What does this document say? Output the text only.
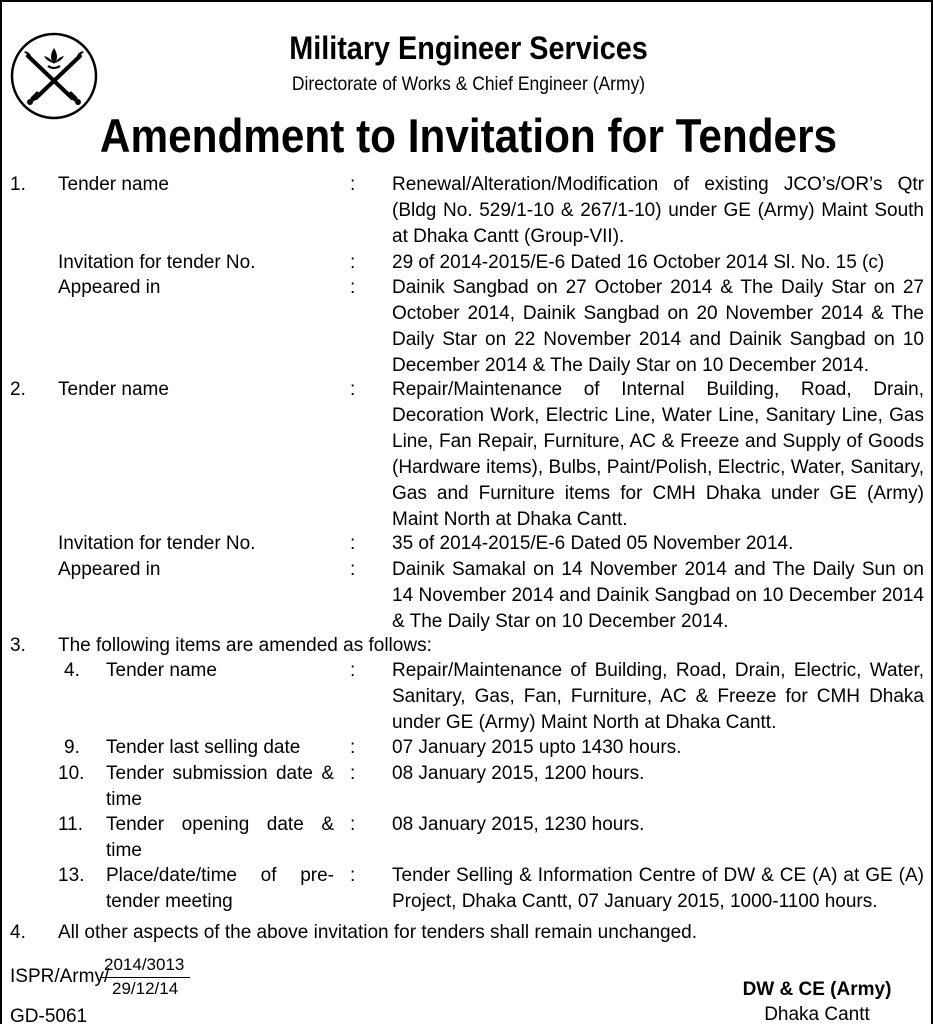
Military Engineer Services
Directorate of Works & Chief Engineer (Army)
Amendment to Invitation for Tenders
1.	Tender name	: Renewal/Alteration/Modification of existing JCO’s/OR’s Qtr (Bldg No. 529/1-10 & 267/1-10) under GE (Army) Maint South at Dhaka Cantt (Group-VII).
Invitation for tender No.	: 29 of 2014-2015/E-6 Dated 16 October 2014 Sl. No. 15 (c)
Appeared in	: Dainik Sangbad on 27 October 2014 & The Daily Star on 27 October 2014, Dainik Sangbad on 20 November 2014 & The Daily Star on 22 November 2014 and Dainik Sangbad on 10 December 2014 & The Daily Star on 10 December 2014.
2.	Tender name	: Repair/Maintenance of Internal Building, Road, Drain, Decoration Work, Electric Line, Water Line, Sanitary Line, Gas Line, Fan Repair, Furniture, AC & Freeze and Supply of Goods (Hardware items), Bulbs, Paint/Polish, Electric, Water, Sanitary, Gas and Furniture items for CMH Dhaka under GE (Army) Maint North at Dhaka Cantt.
Invitation for tender No.	: 35 of 2014-2015/E-6 Dated 05 November 2014.
Appeared in	: Dainik Samakal on 14 November 2014 and The Daily Sun on 14 November 2014 and Dainik Sangbad on 10 December 2014 & The Daily Star on 10 December 2014.
3.	The following items are amended as follows:
4.	Tender name	: Repair/Maintenance of Building, Road, Drain, Electric, Water, Sanitary, Gas, Fan, Furniture, AC & Freeze for CMH Dhaka under GE (Army) Maint North at Dhaka Cantt.
9.	Tender last selling date	: 07 January 2015 upto 1430 hours.
10.	Tender submission date & time
: 08 January 2015, 1200 hours.
11.	Tender opening date & time
: 08 January 2015, 1230 hours.
13.	Place/date/time of pre-tender meeting
: Tender Selling & Information Centre of DW & CE (A) at GE (A) Project, Dhaka Cantt, 07 January 2015, 1000-1100 hours.
4.	All other aspects of the above invitation for tenders shall remain unchanged.
ISPR/Army/
2014/3013
29/12/14
GD-5061
DW & CE (Army)
Dhaka Cantt
